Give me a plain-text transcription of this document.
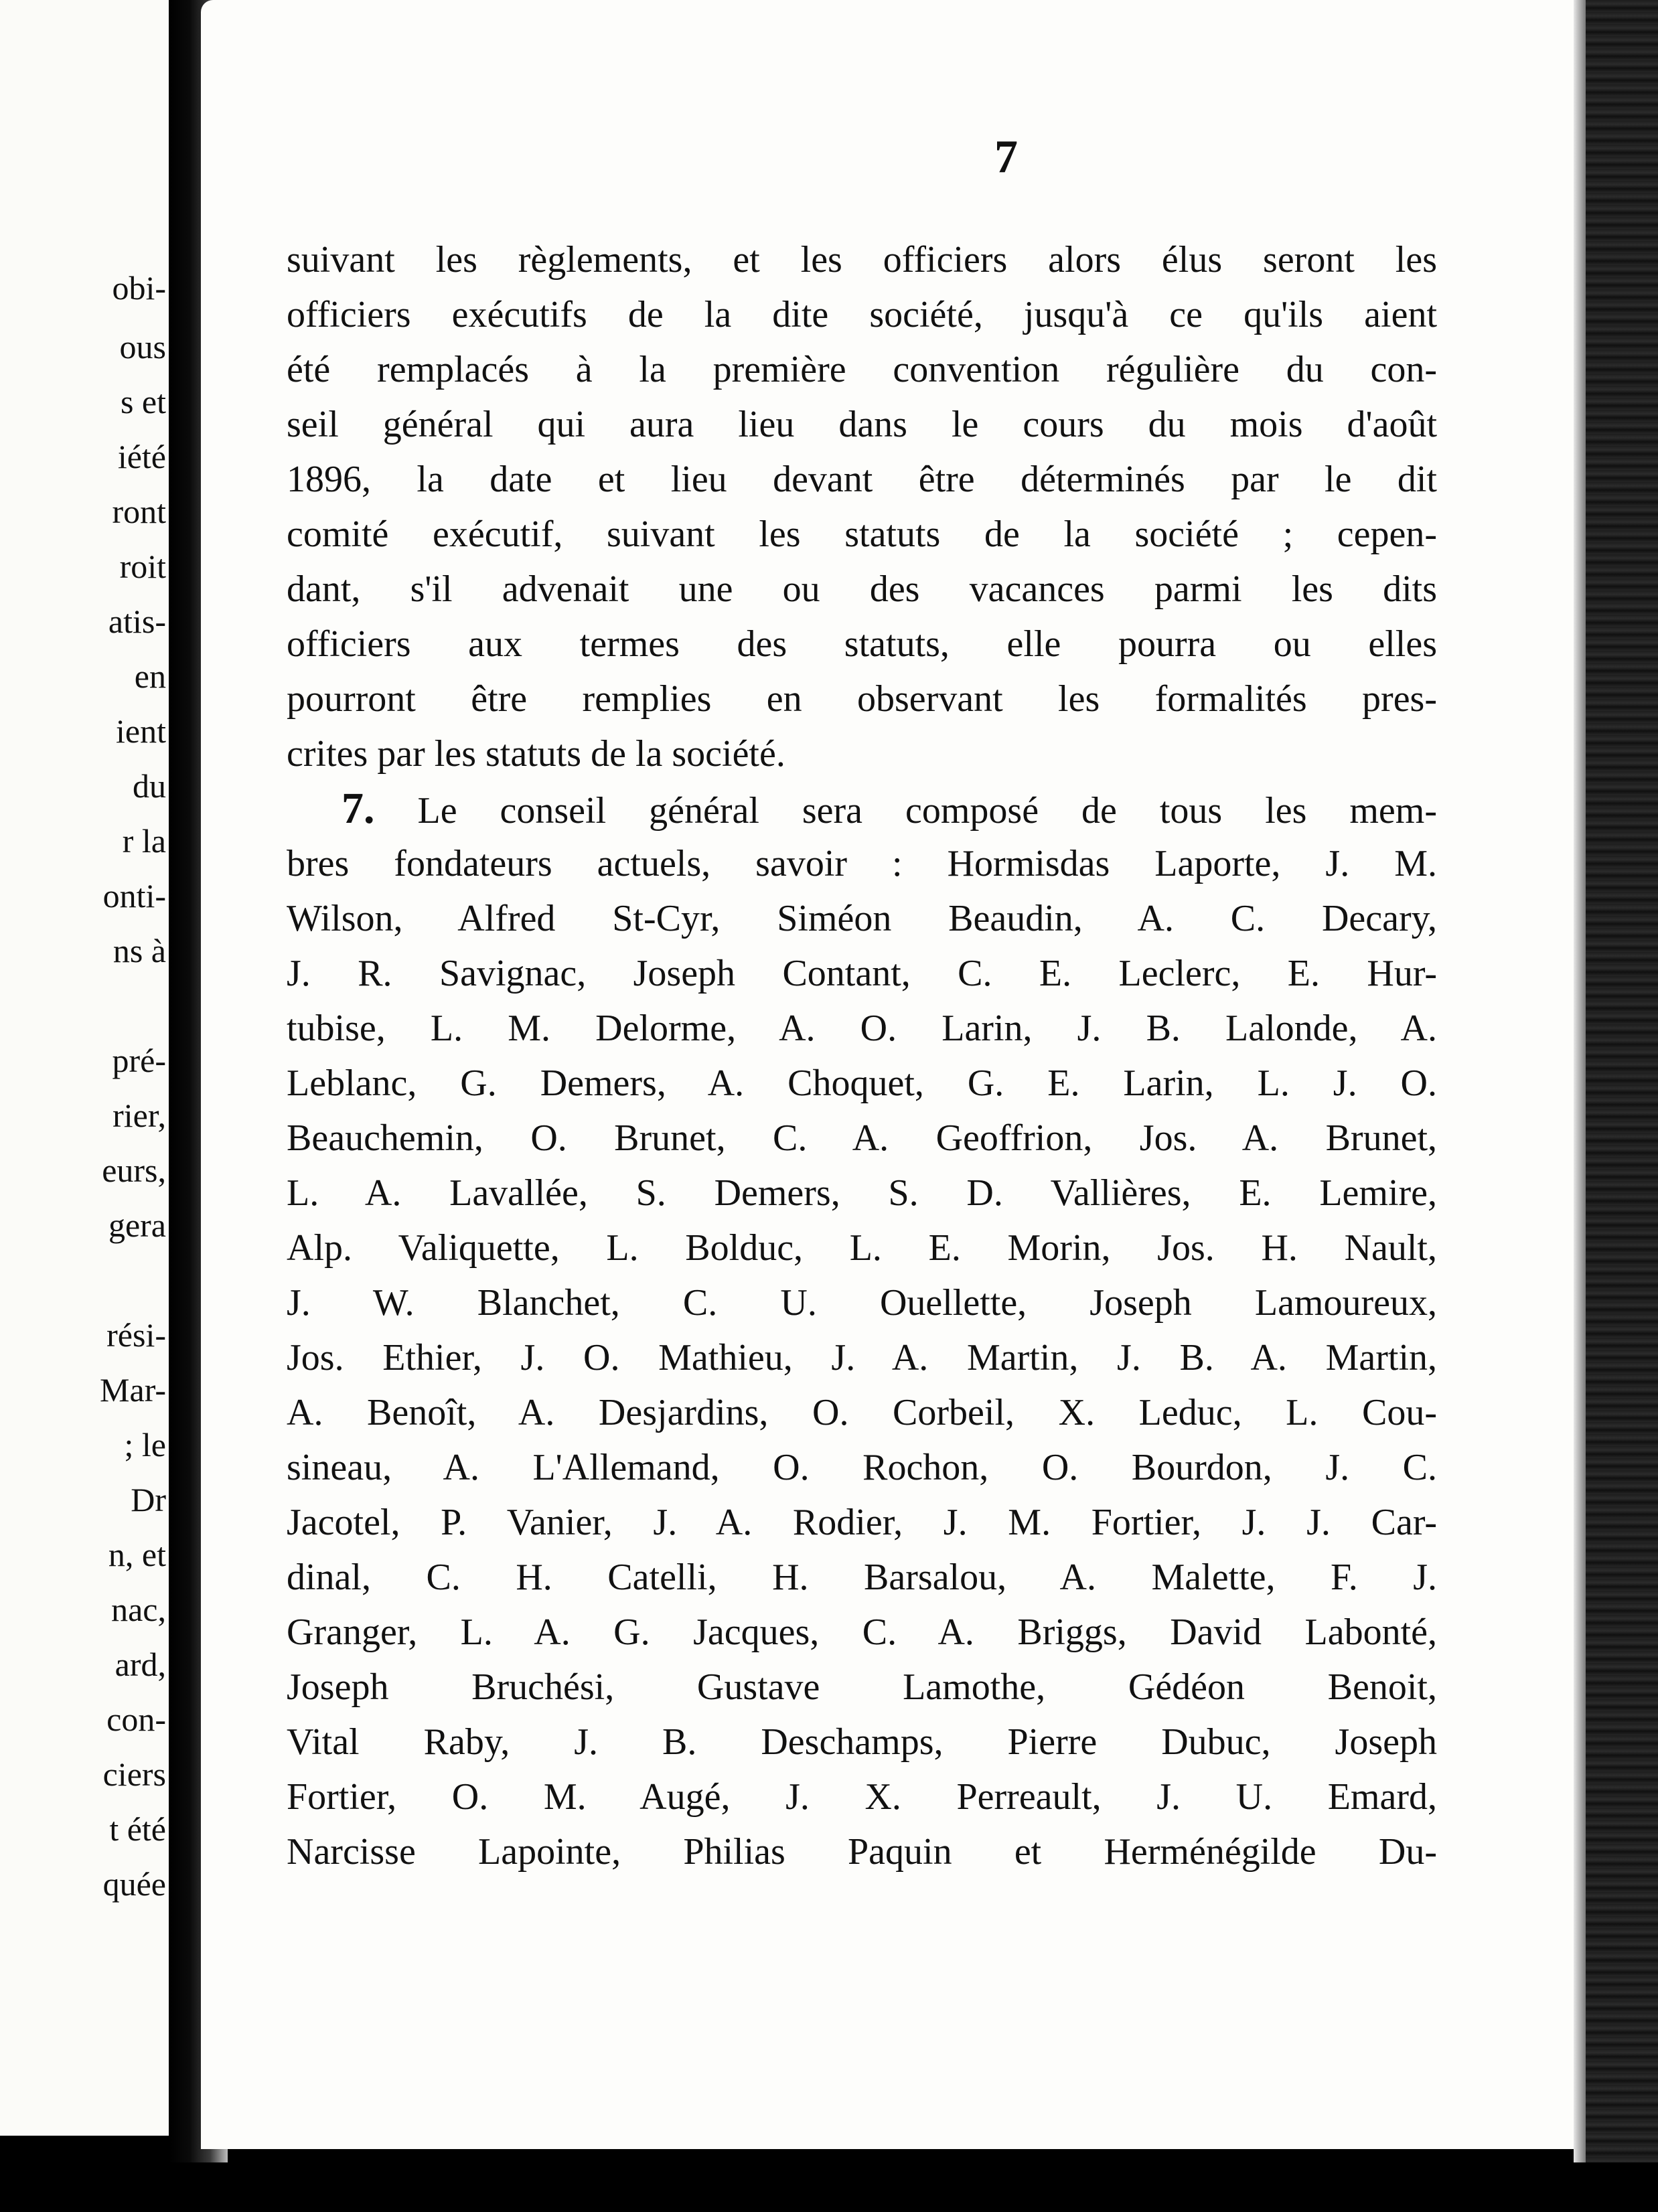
obi-
ous
s et
iété
ront
roit
atis-
en
ient
du
r la
onti-
ns à
pré-
rier,
eurs,
gera
rési-
Mar-
; le
Dr
n, et
nac,
ard,
con-
ciers
t été
quée
7
suivant les règlements, et les officiers alors élus seront les
officiers exécutifs de la dite société, jusqu'à ce qu'ils aient
été remplacés à la première convention régulière du con-
seil général qui aura lieu dans le cours du mois d'août
1896, la date et lieu devant être déterminés par le dit
comité exécutif, suivant les statuts de la société ; cepen-
dant, s'il advenait une ou des vacances parmi les dits
officiers aux termes des statuts, elle pourra ou elles
pourront être remplies en observant les formalités pres-
crites par les statuts de la société.
7. Le conseil général sera composé de tous les mem-
bres fondateurs actuels, savoir : Hormisdas Laporte, J. M.
Wilson, Alfred St-Cyr, Siméon Beaudin, A. C. Decary,
J. R. Savignac, Joseph Contant, C. E. Leclerc, E. Hur-
tubise, L. M. Delorme, A. O. Larin, J. B. Lalonde, A.
Leblanc, G. Demers, A. Choquet, G. E. Larin, L. J. O.
Beauchemin, O. Brunet, C. A. Geoffrion, Jos. A. Brunet,
L. A. Lavallée, S. Demers, S. D. Vallières, E. Lemire,
Alp. Valiquette, L. Bolduc, L. E. Morin, Jos. H. Nault,
J. W. Blanchet, C. U. Ouellette, Joseph Lamoureux,
Jos. Ethier, J. O. Mathieu, J. A. Martin, J. B. A. Martin,
A. Benoît, A. Desjardins, O. Corbeil, X. Leduc, L. Cou-
sineau, A. L'Allemand, O. Rochon, O. Bourdon, J. C.
Jacotel, P. Vanier, J. A. Rodier, J. M. Fortier, J. J. Car-
dinal, C. H. Catelli, H. Barsalou, A. Malette, F. J.
Granger, L. A. G. Jacques, C. A. Briggs, David Labonté,
Joseph Bruchési, Gustave Lamothe, Gédéon Benoit,
Vital Raby, J. B. Deschamps, Pierre Dubuc, Joseph
Fortier, O. M. Augé, J. X. Perreault, J. U. Emard,
Narcisse Lapointe, Philias Paquin et Herménégilde Du-
